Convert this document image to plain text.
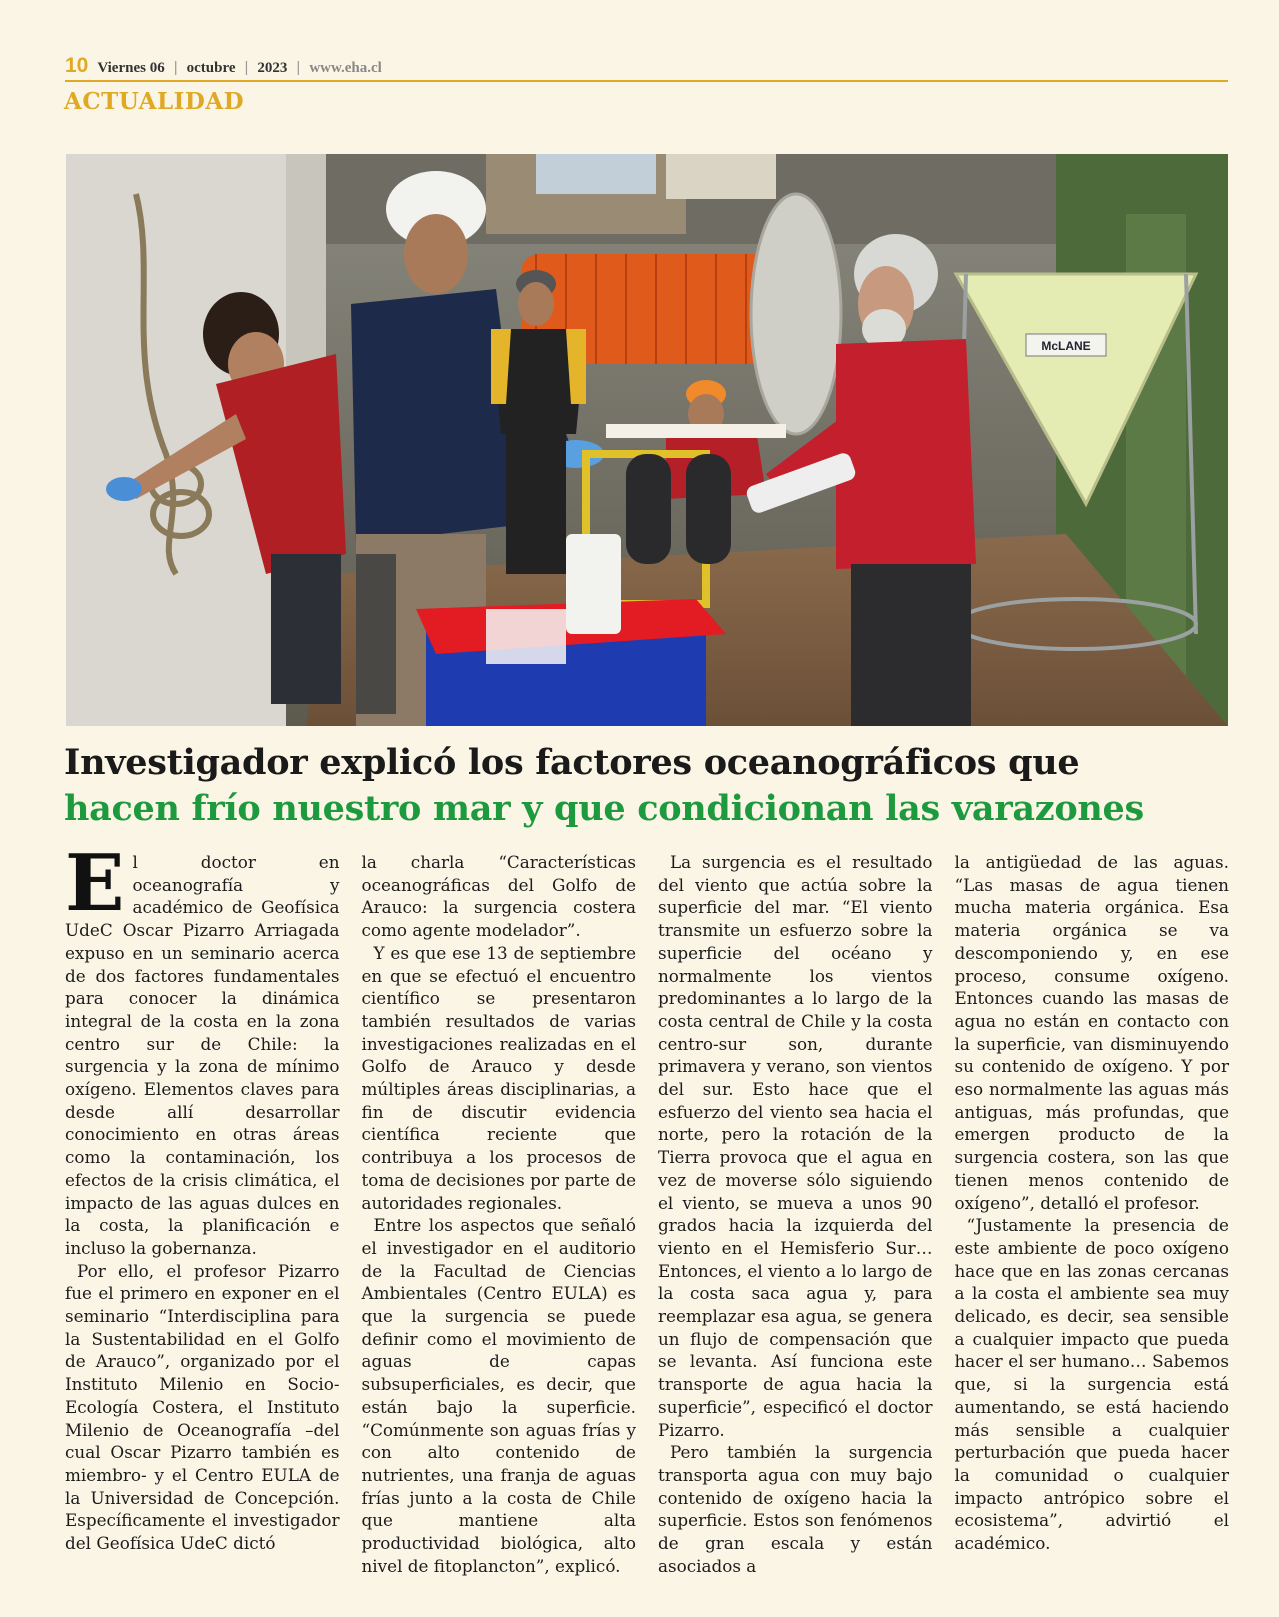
10 Viernes 06 | octubre | 2023 | www.eha.cl
ACTUALIDAD
McLANE
Investigador explicó los factores oceanográficos que
hacen frío nuestro mar y que condicionan las varazones

El doctor en oceanografía y académico de Geofísica UdeC Oscar Pizarro Arriagada expuso en un seminario acerca de dos factores fundamentales para conocer la dinámica integral de la costa en la zona centro sur de Chile: la surgencia y la zona de mínimo oxígeno. Elementos claves para desde allí desarrollar conocimiento en otras áreas como la contaminación, los efectos de la crisis climática, el impacto de las aguas dulces en la costa, la planificación e incluso la gobernanza.

Por ello, el profesor Pizarro fue el primero en exponer en el seminario “Interdisciplina para la Sustentabilidad en el Golfo de Arauco”, organizado por el Instituto Milenio en Socio-Ecología Costera, el Instituto Milenio de Oceanografía –del cual Oscar Pizarro también es miembro- y el Centro EULA de la Universidad de Concepción. Específicamente el investigador del Geofísica UdeC dictó

la charla “Características oceanográficas del Golfo de Arauco: la surgencia costera como agente modelador”.

Y es que ese 13 de septiembre en que se efectuó el encuentro científico se presentaron también resultados de varias investigaciones realizadas en el Golfo de Arauco y desde múltiples áreas disciplinarias, a fin de discutir evidencia científica reciente que contribuya a los procesos de toma de decisiones por parte de autoridades regionales.

Entre los aspectos que señaló el investigador en el auditorio de la Facultad de Ciencias Ambientales (Centro EULA) es que la surgencia se puede definir como el movimiento de aguas de capas subsuperficiales, es decir, que están bajo la superficie. “Comúnmente son aguas frías y con alto contenido de nutrientes, una franja de aguas frías junto a la costa de Chile que mantiene alta productividad biológica, alto nivel de fitoplancton”, explicó.

La surgencia es el resultado del viento que actúa sobre la superficie del mar. “El viento transmite un esfuerzo sobre la superficie del océano y normalmente los vientos predominantes a lo largo de la costa central de Chile y la costa centro-sur son, durante primavera y verano, son vientos del sur. Esto hace que el esfuerzo del viento sea hacia el norte, pero la rotación de la Tierra provoca que el agua en vez de moverse sólo siguiendo el viento, se mueva a unos 90 grados hacia la izquierda del viento en el Hemisferio Sur… Entonces, el viento a lo largo de la costa saca agua y, para reemplazar esa agua, se genera un flujo de compensación que se levanta. Así funciona este transporte de agua hacia la superficie”, especificó el doctor Pizarro.

Pero también la surgencia transporta agua con muy bajo contenido de oxígeno hacia la superficie. Estos son fenómenos de gran escala y están asociados a

la antigüedad de las aguas. “Las masas de agua tienen mucha materia orgánica. Esa materia orgánica se va descomponiendo y, en ese proceso, consume oxígeno. Entonces cuando las masas de agua no están en contacto con la superficie, van disminuyendo su contenido de oxígeno. Y por eso normalmente las aguas más antiguas, más profundas, que emergen producto de la surgencia costera, son las que tienen menos contenido de oxígeno”, detalló el profesor.

“Justamente la presencia de este ambiente de poco oxígeno hace que en las zonas cercanas a la costa el ambiente sea muy delicado, es decir, sea sensible a cualquier impacto que pueda hacer el ser humano… Sabemos que, si la surgencia está aumentando, se está haciendo más sensible a cualquier perturbación que pueda hacer la comunidad o cualquier impacto antrópico sobre el ecosistema”, advirtió el académico.
